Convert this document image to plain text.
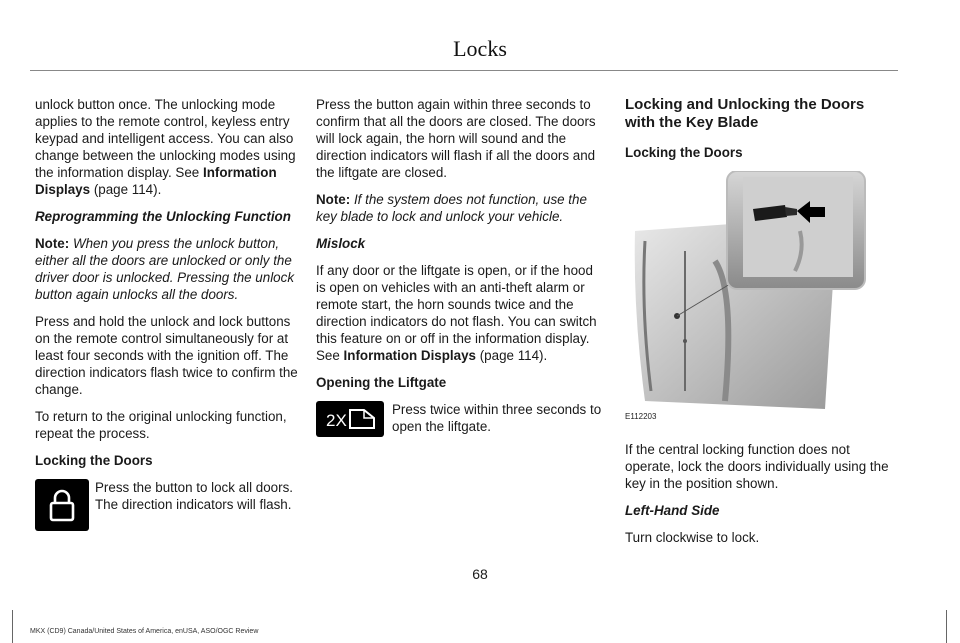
Locks

unlock button once. The unlocking mode applies to the remote control, keyless entry keypad and intelligent access. You can also change between the unlocking modes using the information display. See Information Displays (page 114).

Reprogramming the Unlocking Function

Note: When you press the unlock button, either all the doors are unlocked or only the driver door is unlocked. Pressing the unlock button again unlocks all the doors.

Press and hold the unlock and lock buttons on the remote control simultaneously for at least four seconds with the ignition off. The direction indicators flash twice to confirm the change.

To return to the original unlocking function, repeat the process.

Locking the Doors

Press the button to lock all doors. The direction indicators will flash.

Press the button again within three seconds to confirm that all the doors are closed. The doors will lock again, the horn will sound and the direction indicators will flash if all the doors and the liftgate are closed.

Note: If the system does not function, use the key blade to lock and unlock your vehicle.

Mislock

If any door or the liftgate is open, or if the hood is open on vehicles with an anti-theft alarm or remote start, the horn sounds twice and the direction indicators do not flash. You can switch this feature on or off in the information display. See Information Displays (page 114).

Opening the Liftgate

2X
Press twice within three seconds to open the liftgate.
Locking and Unlocking the Doors with the Key Blade

Locking the Doors

E112203

If the central locking function does not operate, lock the doors individually using the key in the position shown.

Left-Hand Side

Turn clockwise to lock.

68
MKX (CD9) Canada/United States of America, enUSA, ASO/OGC Review
